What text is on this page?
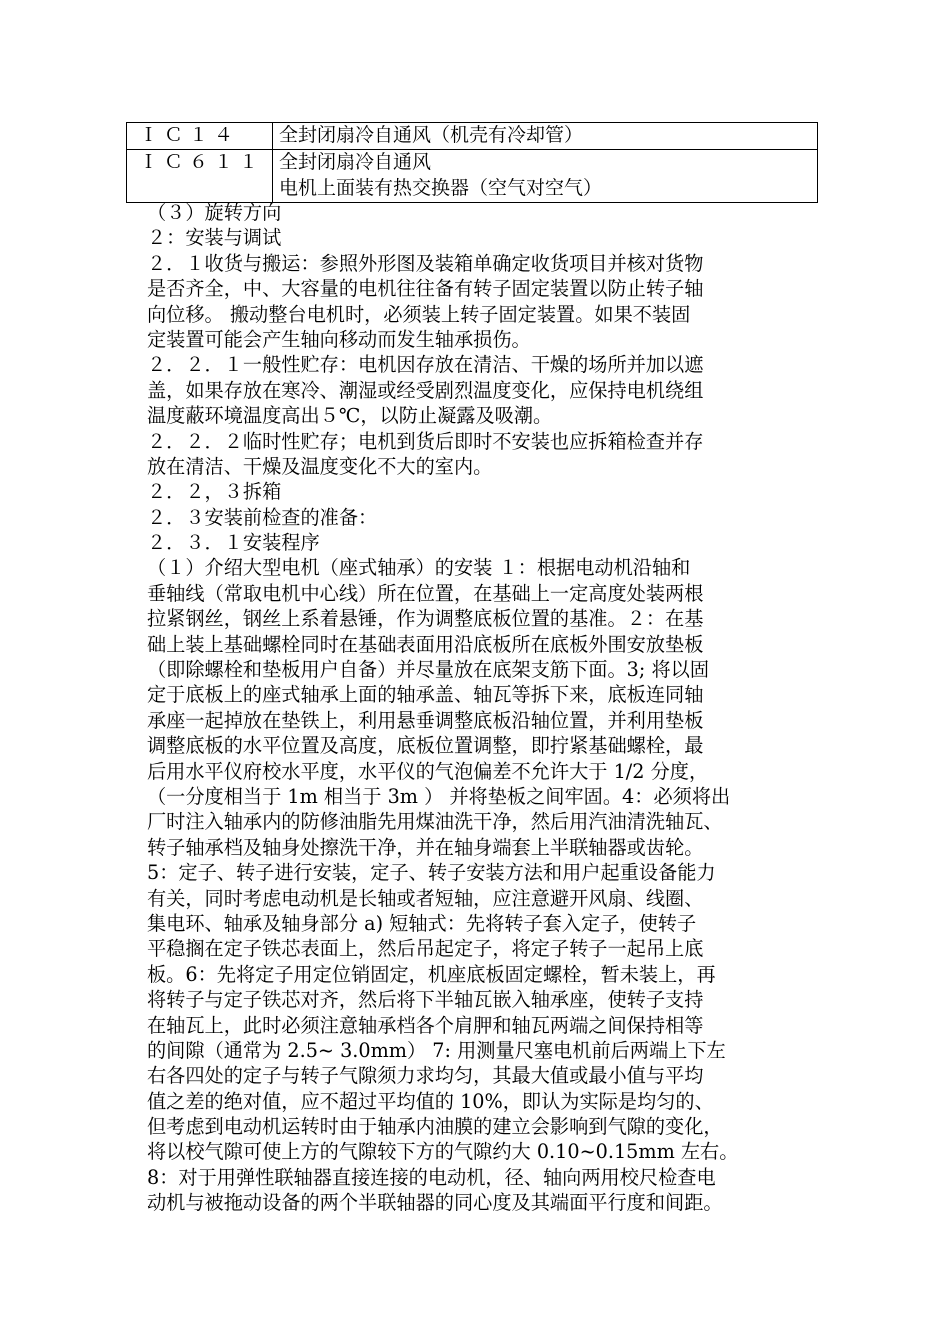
ＩＣ１４	全封闭扇冷自通风（机壳有冷却管）

ＩＣ６１１	全封闭扇冷自通风
电机上面装有热交换器（空气对空气）
（３）旋转方向
２：安装与调试
２．１收货与搬运：参照外形图及装箱单确定收货项目并核对货物
是否齐全，中、大容量的电机往往备有转子固定装置以防止转子轴
向位移。 搬动整台电机时，必须装上转子固定装置。如果不装固
定装置可能会产生轴向移动而发生轴承损伤。
２．２．１一般性贮存：电机因存放在清洁、干燥的场所并加以遮
盖，如果存放在寒冷、潮湿或经受剧烈温度变化，应保持电机绕组
温度蔽环境温度高出５℃，以防止凝露及吸潮。
２．２．２临时性贮存；电机到货后即时不安装也应拆箱检查并存
放在清洁、干燥及温度变化不大的室内。
２．２，３拆箱
２．３安装前检查的准备：
２．３．１安装程序
（１）介绍大型电机（座式轴承）的安装 １：根据电动机沿轴和
垂轴线（常取电机中心线）所在位置，在基础上一定高度处装两根
拉紧钢丝，钢丝上系着悬锤，作为调整底板位置的基准。２：在基
础上装上基础螺栓同时在基础表面用沿底板所在底板外围安放垫板
（即除螺栓和垫板用户自备）并尽量放在底架支筋下面。3; 将以固
定于底板上的座式轴承上面的轴承盖、轴瓦等拆下来，底板连同轴
承座一起掉放在垫铁上，利用悬垂调整底板沿轴位置，并利用垫板
调整底板的水平位置及高度，底板位置调整，即拧紧基础螺栓，最
后用水平仪府校水平度，水平仪的气泡偏差不允许大于 1/2 分度，
（一分度相当于 1m 相当于 3m ） 并将垫板之间牢固。4：必须将出
厂时注入轴承内的防修油脂先用煤油洗干净，然后用汽油清洗轴瓦、
转子轴承档及轴身处擦洗干净，并在轴身端套上半联轴器或齿轮。
5：定子、转子进行安装，定子、转子安装方法和用户起重设备能力
有关，同时考虑电动机是长轴或者短轴，应注意避开风扇、线圈、
集电环、轴承及轴身部分 a) 短轴式：先将转子套入定子，使转子
平稳搁在定子铁芯表面上，然后吊起定子，将定子转子一起吊上底
板。6：先将定子用定位销固定，机座底板固定螺栓，暂未装上，再
将转子与定子铁芯对齐，然后将下半轴瓦嵌入轴承座，使转子支持
在轴瓦上，此时必须注意轴承档各个肩胛和轴瓦两端之间保持相等
的间隙（通常为 2.5~ 3.0mm） 7: 用测量尺塞电机前后两端上下左
右各四处的定子与转子气隙须力求均匀，其最大值或最小值与平均
值之差的绝对值，应不超过平均值的 10%，即认为实际是均匀的、
但考虑到电动机运转时由于轴承内油膜的建立会影响到气隙的变化，
将以校气隙可使上方的气隙较下方的气隙约大 0.10~0.15mm 左右。
8：对于用弹性联轴器直接连接的电动机，径、轴向两用校尺检查电
动机与被拖动设备的两个半联轴器的同心度及其端面平行度和间距。
